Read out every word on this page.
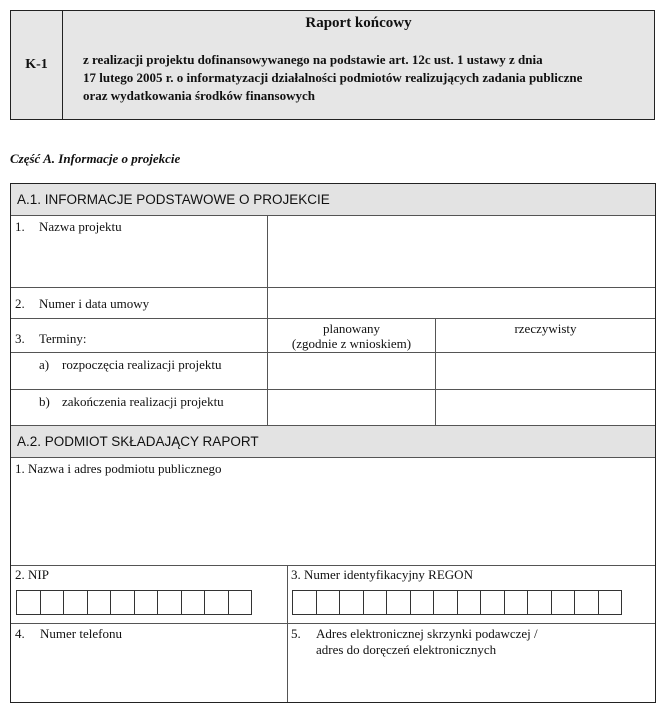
K-1
Raport końcowy
z realizacji projektu dofinansowywanego na podstawie art. 12c ust. 1 ustawy z dnia
17 lutego 2005 r. o informatyzacji działalności podmiotów realizujących zadania publiczne
oraz wydatkowania środków finansowych
Część A. Informacje o projekcie
A.1. INFORMACJE PODSTAWOWE O PROJEKCIE
1. Nazwa projektu
2. Numer i data umowy
3. Terminy:
planowany
(zgodnie z wnioskiem)
rzeczywisty
a) rozpoczęcia realizacji projektu
b) zakończenia realizacji projektu
A.2. PODMIOT SKŁADAJĄCY RAPORT
1. Nazwa i adres podmiotu publicznego
2. NIP	3. Numer identyfikacyjny REGON
4. Numer telefonu	5. Adres elektronicznej skrzynki podawczej /
adres do doręczeń elektronicznych
